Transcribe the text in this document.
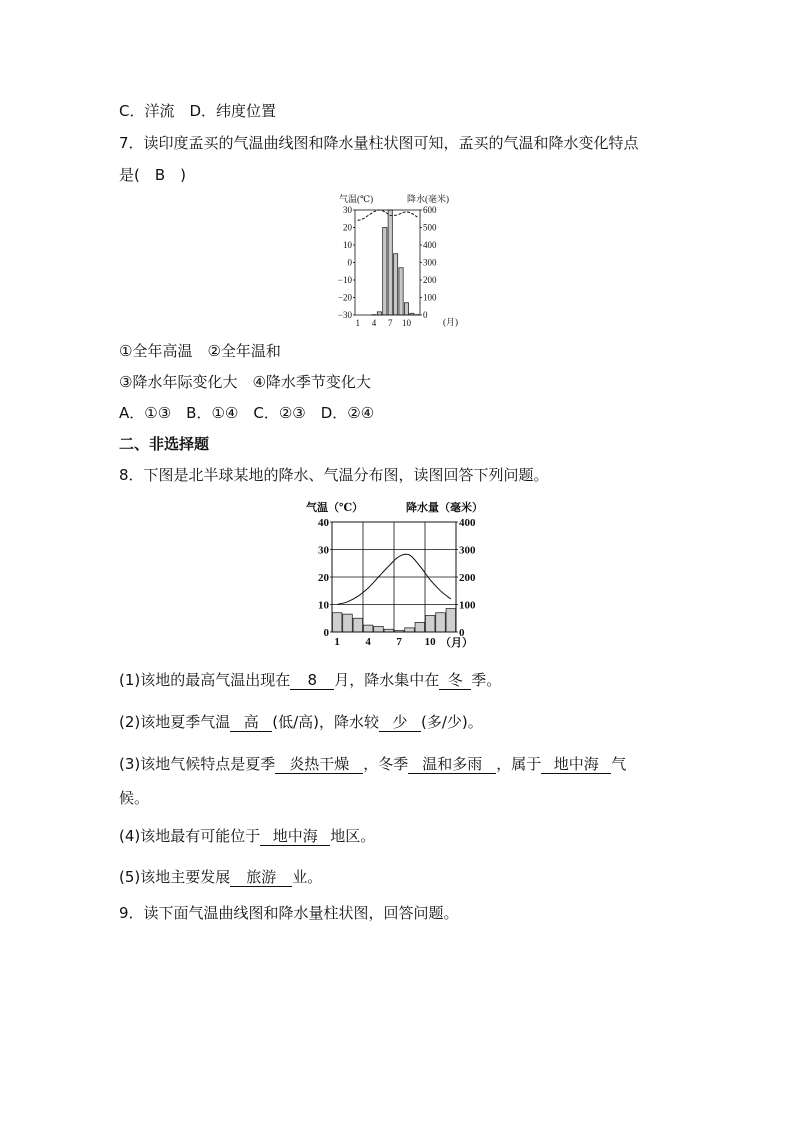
C．洋流　D．纬度位置
7．读印度孟买的气温曲线图和降水量柱状图可知，孟买的气温和降水变化特点
是(　B　)
气温(℃)	降水(毫米)
30
20
10
0
−10
−20
−30
600
500
400
300
200
100
0
1 4 7 10	(月)
①全年高温　②全年温和
③降水年际变化大　④降水季节变化大
A．①③　B．①④　C．②③　D．②④
二、非选择题
8．下图是北半球某地的降水、气温分布图，读图回答下列问题。
气温（℃）	降水量（毫米）
40
30
20
10
0
400
300
200
100
0
1 4 7 10 （月）
(1)该地的最高气温出现在 8 月，降水集中在 冬 季。
(2)该地夏季气温 高 (低/高)，降水较 少 (多/少)。
(3)该地气候特点是夏季 炎热干燥 ，冬季 温和多雨 ，属于 地中海 气
候。
(4)该地最有可能位于 地中海 地区。
(5)该地主要发展 旅游 业。
9．读下面气温曲线图和降水量柱状图，回答问题。
